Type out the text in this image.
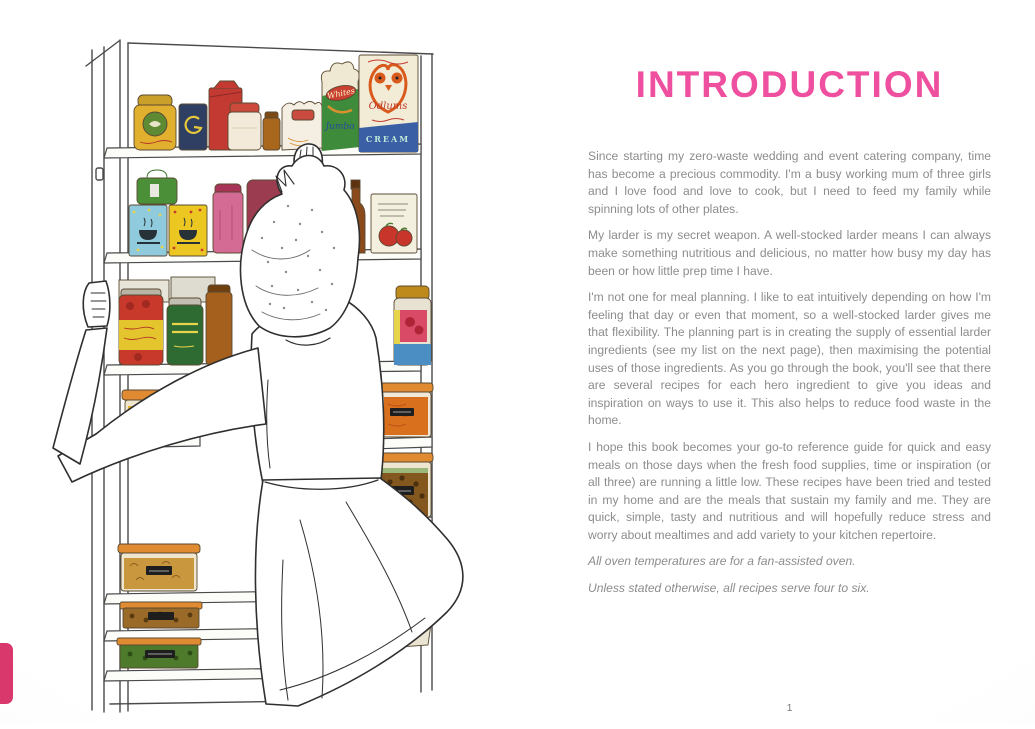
Whites
Jumbo
Odlums
CREAM
INTRODUCTION

Since starting my zero-waste wedding and event catering company, time has become a precious commodity. I'm a busy working mum of three girls and I love food and love to cook, but I need to feed my family while spinning lots of other plates.

My larder is my secret weapon. A well-stocked larder means I can always make something nutritious and delicious, no matter how busy my day has been or how little prep time I have.

I'm not one for meal planning. I like to eat intuitively depending on how I'm feeling that day or even that moment, so a well-stocked larder gives me that flexibility. The planning part is in creating the supply of essential larder ingredients (see my list on the next page), then maximising the potential uses of those ingredients. As you go through the book, you'll see that there are several recipes for each hero ingredient to give you ideas and inspiration on ways to use it. This also helps to reduce food waste in the home.

I hope this book becomes your go-to reference guide for quick and easy meals on those days when the fresh food supplies, time or inspiration (or all three) are running a little low. These recipes have been tried and tested in my home and are the meals that sustain my family and me. They are quick, simple, tasty and nutritious and will hopefully reduce stress and worry about mealtimes and add variety to your kitchen repertoire.

All oven temperatures are for a fan-assisted oven.

Unless stated otherwise, all recipes serve four to six.

1
